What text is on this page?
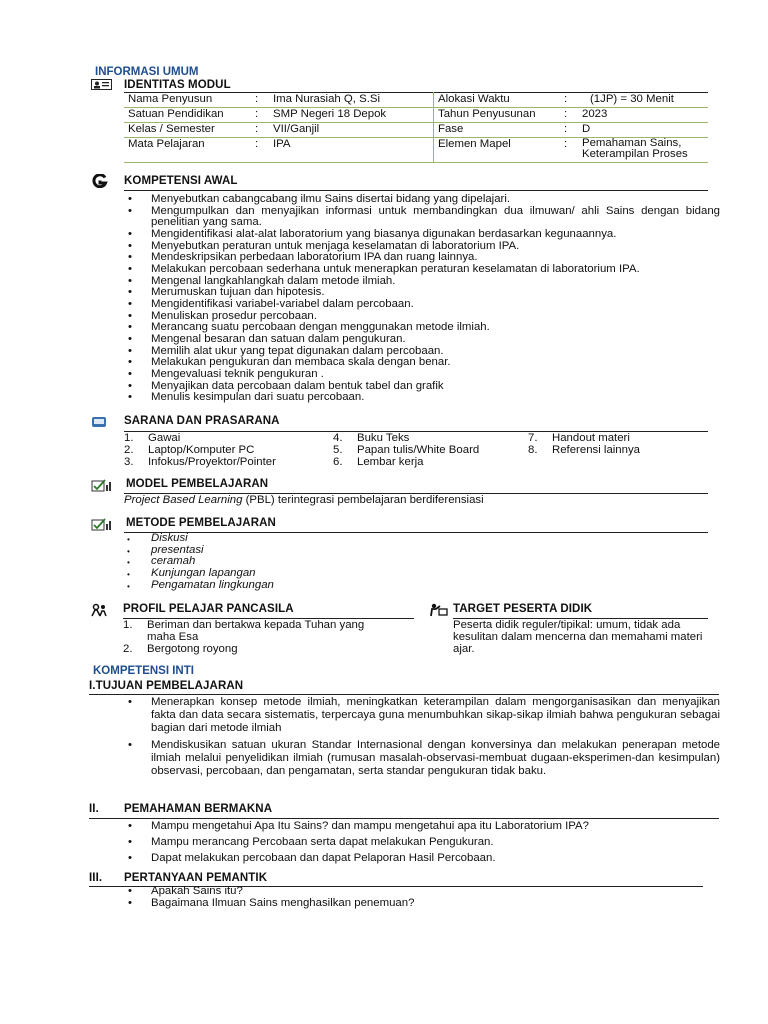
INFORMASI UMUM
IDENTITAS MODUL
Nama Penyusun	:	Ima Nurasiah Q, S.Si	Alokasi Waktu	:	(1JP) = 30 Menit
Satuan Pendidikan	:	SMP Negeri 18 Depok	Tahun Penyusunan	:	2023
Kelas / Semester	:	VII/Ganjil	Fase	:	D
Mata Pelajaran	:	IPA	Elemen Mapel	:	Pemahaman Sains, Keterampilan Proses
KOMPETENSI AWAL
• Menyebutkan cabangcabang ilmu Sains disertai bidang yang dipelajari.
• Mengumpulkan dan menyajikan informasi untuk membandingkan dua ilmuwan/ ahli Sains dengan bidang penelitian yang sama.
• Mengidentifikasi alat-alat laboratorium yang biasanya digunakan berdasarkan kegunaannya.
• Menyebutkan peraturan untuk menjaga keselamatan di laboratorium IPA.
• Mendeskripsikan perbedaan laboratorium IPA dan ruang lainnya.
• Melakukan percobaan sederhana untuk menerapkan peraturan keselamatan di laboratorium IPA.
• Mengenal langkahlangkah dalam metode ilmiah.
• Merumuskan tujuan dan hipotesis.
• Mengidentifikasi variabel-variabel dalam percobaan.
• Menuliskan prosedur percobaan.
• Merancang suatu percobaan dengan menggunakan metode ilmiah.
• Mengenal besaran dan satuan dalam pengukuran.
• Memilih alat ukur yang tepat digunakan dalam percobaan.
• Melakukan pengukuran dan membaca skala dengan benar.
• Mengevaluasi teknik pengukuran .
• Menyajikan data percobaan dalam bentuk tabel dan grafik
• Menulis kesimpulan dari suatu percobaan.
SARANA DAN PRASARANA
1. Gawai
2. Laptop/Komputer PC
3. Infokus/Proyektor/Pointer
4. Buku Teks
5. Papan tulis/White Board
6. Lembar kerja
7. Handout materi
8. Referensi lainnya
MODEL PEMBELAJARAN
Project Based Learning (PBL) terintegrasi pembelajaran berdiferensiasi
METODE PEMBELAJARAN
• Diskusi
• presentasi
• ceramah
• Kunjungan lapangan
• Pengamatan lingkungan
PROFIL PELAJAR PANCASILA
1. Beriman dan bertakwa kepada Tuhan yang maha Esa
2. Bergotong royong
TARGET PESERTA DIDIK
Peserta didik reguler/tipikal: umum, tidak ada kesulitan dalam mencerna dan memahami materi ajar.
KOMPETENSI INTI
I.TUJUAN PEMBELAJARAN
• Menerapkan konsep metode ilmiah, meningkatkan keterampilan dalam mengorganisasikan dan menyajikan fakta dan data secara sistematis, terpercaya guna menumbuhkan sikap-sikap ilmiah bahwa pengukuran sebagai bagian dari metode ilmiah
• Mendiskusikan satuan ukuran Standar Internasional dengan konversinya dan melakukan penerapan metode ilmiah melalui penyelidikan ilmiah (rumusan masalah-observasi-membuat dugaan-eksperimen-dan kesimpulan) observasi, percobaan, dan pengamatan, serta standar pengukuran tidak baku.
II. PEMAHAMAN BERMAKNA
• Mampu mengetahui Apa Itu Sains? dan mampu mengetahui apa itu Laboratorium IPA?
• Mampu merancang Percobaan serta dapat melakukan Pengukuran.
• Dapat melakukan percobaan dan dapat Pelaporan Hasil Percobaan.
III. PERTANYAAN PEMANTIK
• Apakah Sains itu?
• Bagaimana Ilmuan Sains menghasilkan penemuan?
